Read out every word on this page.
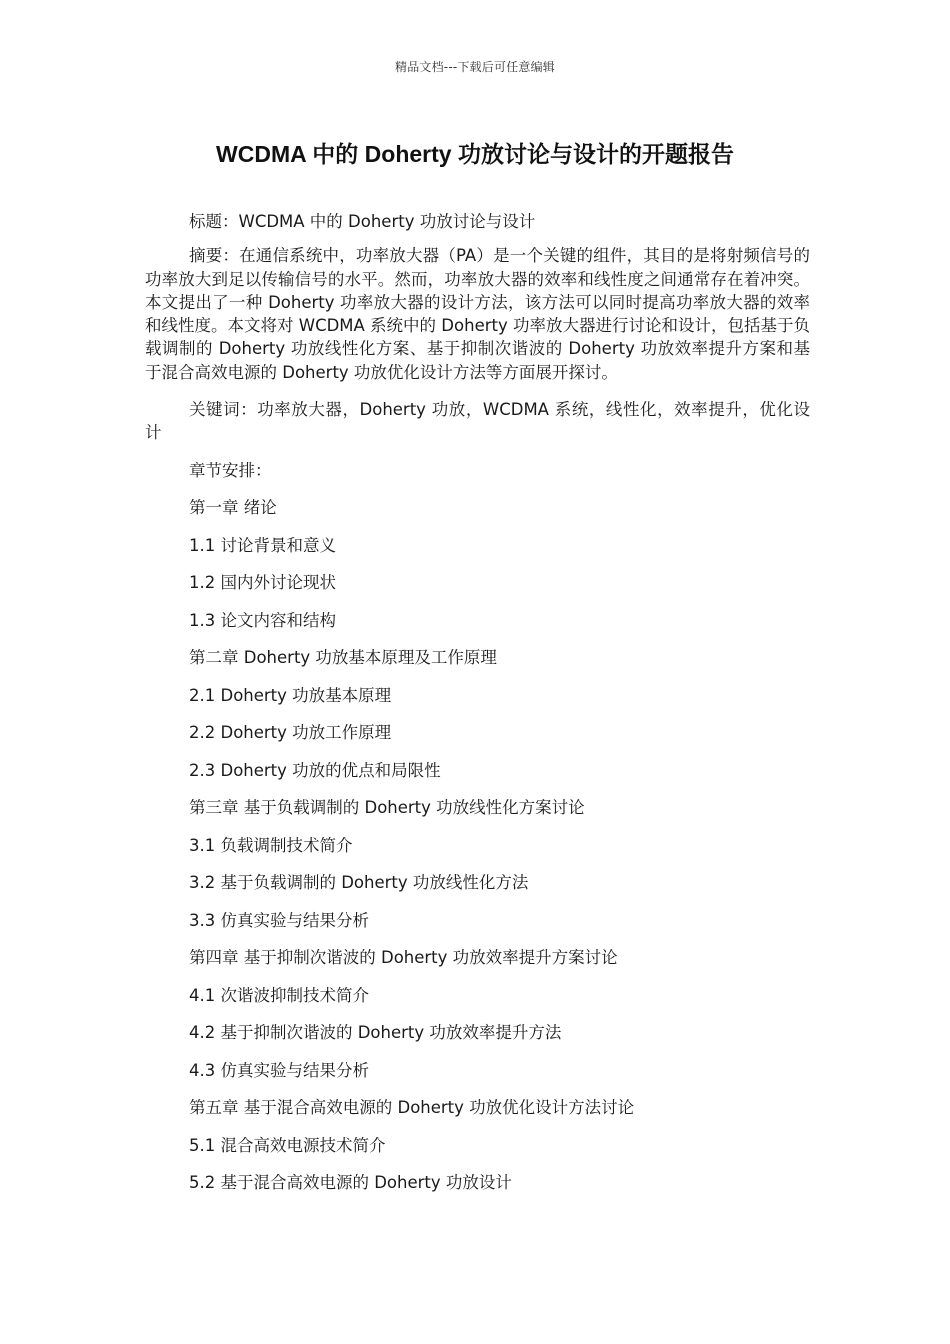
精品文档---下载后可任意编辑
WCDMA 中的 Doherty 功放讨论与设计的开题报告

标题：WCDMA 中的 Doherty 功放讨论与设计

摘要：在通信系统中，功率放大器（PA）是一个关键的组件，其目的是将射频信号的功率放大到足以传输信号的水平。然而，功率放大器的效率和线性度之间通常存在着冲突。本文提出了一种 Doherty 功率放大器的设计方法，该方法可以同时提高功率放大器的效率和线性度。本文将对 WCDMA 系统中的 Doherty 功率放大器进行讨论和设计，包括基于负载调制的 Doherty 功放线性化方案、基于抑制次谐波的 Doherty 功放效率提升方案和基于混合高效电源的 Doherty 功放优化设计方法等方面展开探讨。

关键词：功率放大器，Doherty 功放，WCDMA 系统，线性化，效率提升，优化设计

章节安排：
第一章 绪论
1.1 讨论背景和意义
1.2 国内外讨论现状
1.3 论文内容和结构
第二章 Doherty 功放基本原理及工作原理
2.1 Doherty 功放基本原理
2.2 Doherty 功放工作原理
2.3 Doherty 功放的优点和局限性
第三章 基于负载调制的 Doherty 功放线性化方案讨论
3.1 负载调制技术简介
3.2 基于负载调制的 Doherty 功放线性化方法
3.3 仿真实验与结果分析
第四章 基于抑制次谐波的 Doherty 功放效率提升方案讨论
4.1 次谐波抑制技术简介
4.2 基于抑制次谐波的 Doherty 功放效率提升方法
4.3 仿真实验与结果分析
第五章 基于混合高效电源的 Doherty 功放优化设计方法讨论
5.1 混合高效电源技术简介
5.2 基于混合高效电源的 Doherty 功放设计
